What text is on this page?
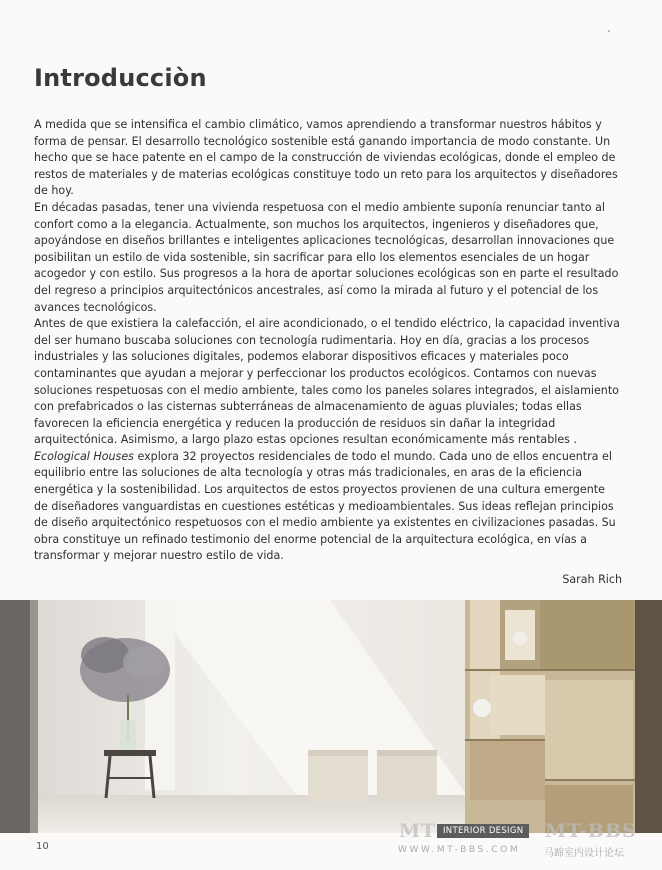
Introducciòn

A medida que se intensifica el cambio climático, vamos aprendiendo a transformar nuestros hábitos y forma de pensar. El desarrollo tecnológico sostenible está ganando importancia de modo constante. Un hecho que se hace patente en el campo de la construcción de viviendas ecológicas, donde el empleo de restos de materiales y de materias ecológicas constituye todo un reto para los arquitectos y diseñadores de hoy.

En décadas pasadas, tener una vivienda respetuosa con el medio ambiente suponía renunciar tanto al confort como a la elegancia. Actualmente, son muchos los arquitectos, ingenieros y diseñadores que, apoyándose en diseños brillantes e inteligentes aplicaciones tecnológicas, desarrollan innovaciones que posibilitan un estilo de vida sostenible, sin sacrificar para ello los elementos esenciales de un hogar acogedor y con estilo. Sus progresos a la hora de aportar soluciones ecológicas son en parte el resultado del regreso a principios arquitectónicos ancestrales, así como la mirada al futuro y el potencial de los avances tecnológicos.

Antes de que existiera la calefacción, el aire acondicionado, o el tendido eléctrico, la capacidad inventiva del ser humano buscaba soluciones con tecnología rudimentaria. Hoy en día, gracias a los procesos industriales y las soluciones digitales, podemos elaborar dispositivos eficaces y materiales poco contaminantes que ayudan a mejorar y perfeccionar los productos ecológicos. Contamos con nuevas soluciones respetuosas con el medio ambiente, tales como los paneles solares integrados, el aislamiento con prefabricados o las cisternas subterráneas de almacenamiento de aguas pluviales; todas ellas favorecen la eficiencia energética y reducen la producción de residuos sin dañar la integridad arquitectónica. Asimismo, a largo plazo estas opciones resultan económicamente más rentables .

Ecological Houses explora 32 proyectos residenciales de todo el mundo. Cada uno de ellos encuentra el equilibrio entre las soluciones de alta tecnología y otras más tradicionales, en aras de la eficiencia energética y la sostenibilidad. Los arquitectos de estos proyectos provienen de una cultura emergente de diseñadores vanguardistas en cuestiones estéticas y medioambientales. Sus ideas reflejan principios de diseño arquitectónico respetuosos con el medio ambiente ya existentes en civilizaciones pasadas. Su obra constituye un refinado testimonio del enorme potencial de la arquitectura ecológica, en vías a transformar y mejorar nuestro estilo de vida.

Sarah Rich
10
MT INTERIOR DESIGN	MT-BBS
WWW.MT-BBS.COM 马蹄室内设计论坛
